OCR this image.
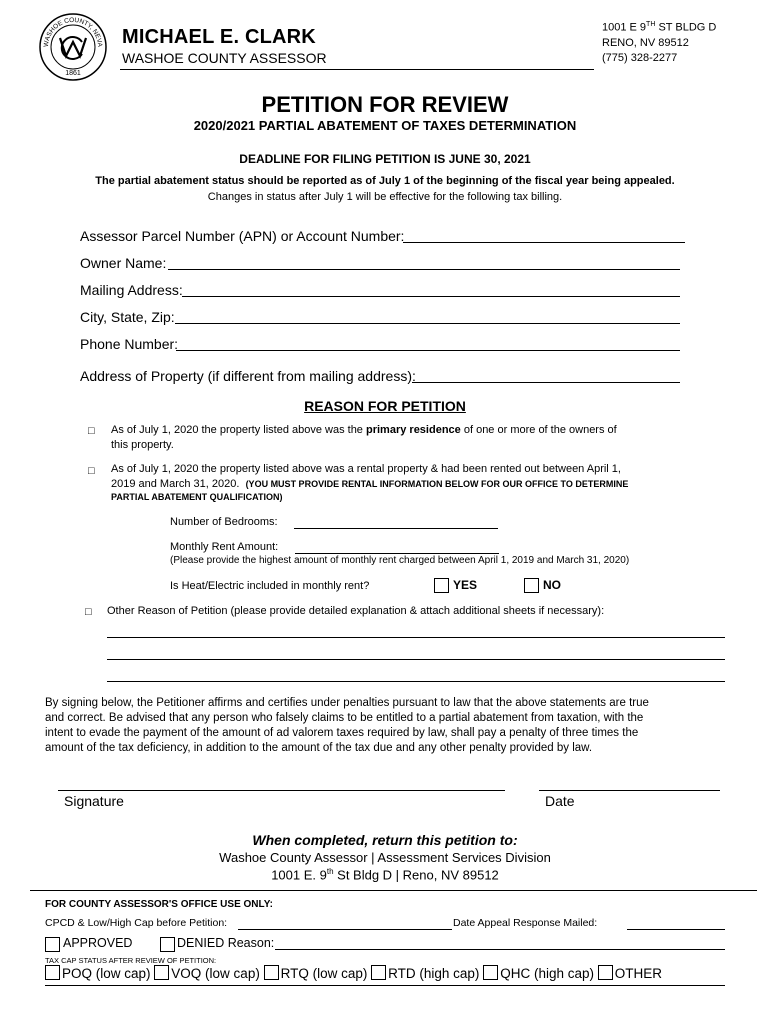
WASHOE COUNTY, NEVA
1861
MICHAEL E. CLARK
WASHOE COUNTY ASSESSOR
1001 E 9TH ST BLDG D
RENO, NV 89512
(775) 328-2277
PETITION FOR REVIEW
2020/2021 PARTIAL ABATEMENT OF TAXES DETERMINATION
DEADLINE FOR FILING PETITION IS JUNE 30, 2021
The partial abatement status should be reported as of July 1 of the beginning of the fiscal year being appealed.
Changes in status after July 1 will be effective for the following tax billing.
Assessor Parcel Number (APN) or Account Number:
Owner Name:
Mailing Address:
City, State, Zip:
Phone Number:
Address of Property (if different from mailing address):
REASON FOR PETITION
□ As of July 1, 2020 the property listed above was the primary residence of one or more of the owners of
this property.
□ As of July 1, 2020 the property listed above was a rental property & had been rented out between April 1,
2019 and March 31, 2020. (YOU MUST PROVIDE RENTAL INFORMATION BELOW FOR OUR OFFICE TO DETERMINE
PARTIAL ABATEMENT QUALIFICATION)
Number of Bedrooms:
Monthly Rent Amount:
(Please provide the highest amount of monthly rent charged between April 1, 2019 and March 31, 2020)
Is Heat/Electric included in monthly rent?	YES	NO
□ Other Reason of Petition (please provide detailed explanation & attach additional sheets if necessary):
By signing below, the Petitioner affirms and certifies under penalties pursuant to law that the above statements are true
and correct. Be advised that any person who falsely claims to be entitled to a partial abatement from taxation, with the
intent to evade the payment of the amount of ad valorem taxes required by law, shall pay a penalty of three times the
amount of the tax deficiency, in addition to the amount of the tax due and any other penalty provided by law.
Signature	Date
When completed, return this petition to:
Washoe County Assessor | Assessment Services Division
1001 E. 9th St Bldg D | Reno, NV 89512
FOR COUNTY ASSESSOR'S OFFICE USE ONLY:
CPCD & Low/High Cap before Petition:	Date Appeal Response Mailed:
APPROVED	DENIED Reason:
TAX CAP STATUS AFTER REVIEW OF PETITION:
POQ (low cap) VOQ (low cap) RTQ (low cap) RTD (high cap) QHC (high cap) OTHER
